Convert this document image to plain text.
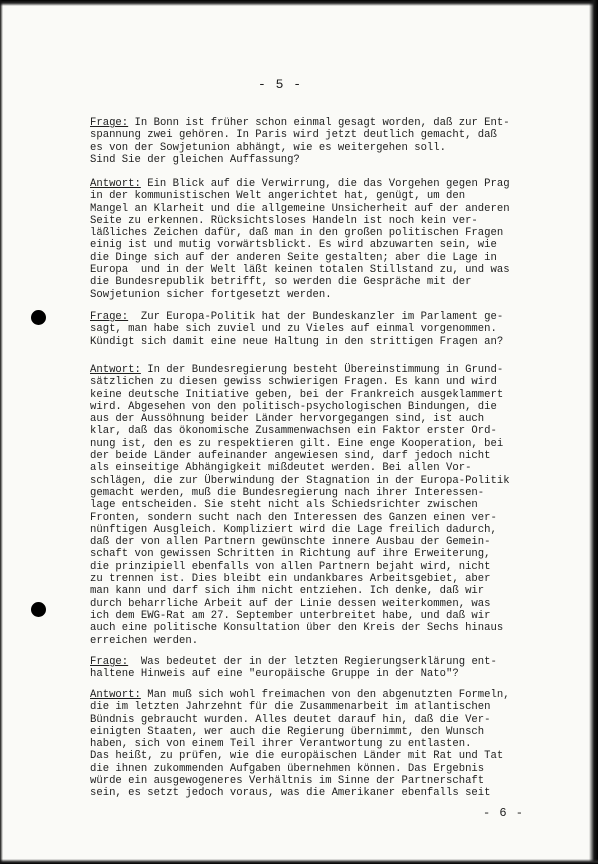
- 5 -
Frage: In Bonn ist früher schon einmal gesagt worden, daß zur Ent-
spannung zwei gehören. In Paris wird jetzt deutlich gemacht, daß
es von der Sowjetunion abhängt, wie es weitergehen soll.
Sind Sie der gleichen Auffassung?
Antwort: Ein Blick auf die Verwirrung, die das Vorgehen gegen Prag
in der kommunistischen Welt angerichtet hat, genügt, um den
Mangel an Klarheit und die allgemeine Unsicherheit auf der anderen
Seite zu erkennen. Rücksichtsloses Handeln ist noch kein ver-
läßliches Zeichen dafür, daß man in den großen politischen Fragen
einig ist und mutig vorwärtsblickt. Es wird abzuwarten sein, wie
die Dinge sich auf der anderen Seite gestalten; aber die Lage in
Europa  und in der Welt läßt keinen totalen Stillstand zu, und was
die Bundesrepublik betrifft, so werden die Gespräche mit der
Sowjetunion sicher fortgesetzt werden.
Frage:  Zur Europa-Politik hat der Bundeskanzler im Parlament ge-
sagt, man habe sich zuviel und zu Vieles auf einmal vorgenommen.
Kündigt sich damit eine neue Haltung in den strittigen Fragen an?
Antwort: In der Bundesregierung besteht Übereinstimmung in Grund-
sätzlichen zu diesen gewiss schwierigen Fragen. Es kann und wird
keine deutsche Initiative geben, bei der Frankreich ausgeklammert
wird. Abgesehen von den politisch-psychologischen Bindungen, die
aus der Aussöhnung beider Länder hervorgegangen sind, ist auch
klar, daß das ökonomische Zusammenwachsen ein Faktor erster Ord-
nung ist, den es zu respektieren gilt. Eine enge Kooperation, bei
der beide Länder aufeinander angewiesen sind, darf jedoch nicht
als einseitige Abhängigkeit mißdeutet werden. Bei allen Vor-
schlägen, die zur Überwindung der Stagnation in der Europa-Politik
gemacht werden, muß die Bundesregierung nach ihrer Interessen-
lage entscheiden. Sie steht nicht als Schiedsrichter zwischen
Fronten, sondern sucht nach den Interessen des Ganzen einen ver-
nünftigen Ausgleich. Kompliziert wird die Lage freilich dadurch,
daß der von allen Partnern gewünschte innere Ausbau der Gemein-
schaft von gewissen Schritten in Richtung auf ihre Erweiterung,
die prinzipiell ebenfalls von allen Partnern bejaht wird, nicht
zu trennen ist. Dies bleibt ein undankbares Arbeitsgebiet, aber
man kann und darf sich ihm nicht entziehen. Ich denke, daß wir
durch beharrliche Arbeit auf der Linie dessen weiterkommen, was
ich dem EWG-Rat am 27. September unterbreitet habe, und daß wir
auch eine politische Konsultation über den Kreis der Sechs hinaus
erreichen werden.
Frage:  Was bedeutet der in der letzten Regierungserklärung ent-
haltene Hinweis auf eine "europäische Gruppe in der Nato"?
Antwort: Man muß sich wohl freimachen von den abgenutzten Formeln,
die im letzten Jahrzehnt für die Zusammenarbeit im atlantischen
Bündnis gebraucht wurden. Alles deutet darauf hin, daß die Ver-
einigten Staaten, wer auch die Regierung übernimmt, den Wunsch
haben, sich von einem Teil ihrer Verantwortung zu entlasten.
Das heißt, zu prüfen, wie die europäischen Länder mit Rat und Tat
die ihnen zukommenden Aufgaben übernehmen können. Das Ergebnis
würde ein ausgewogeneres Verhältnis im Sinne der Partnerschaft
sein, es setzt jedoch voraus, was die Amerikaner ebenfalls seit
- 6 -
